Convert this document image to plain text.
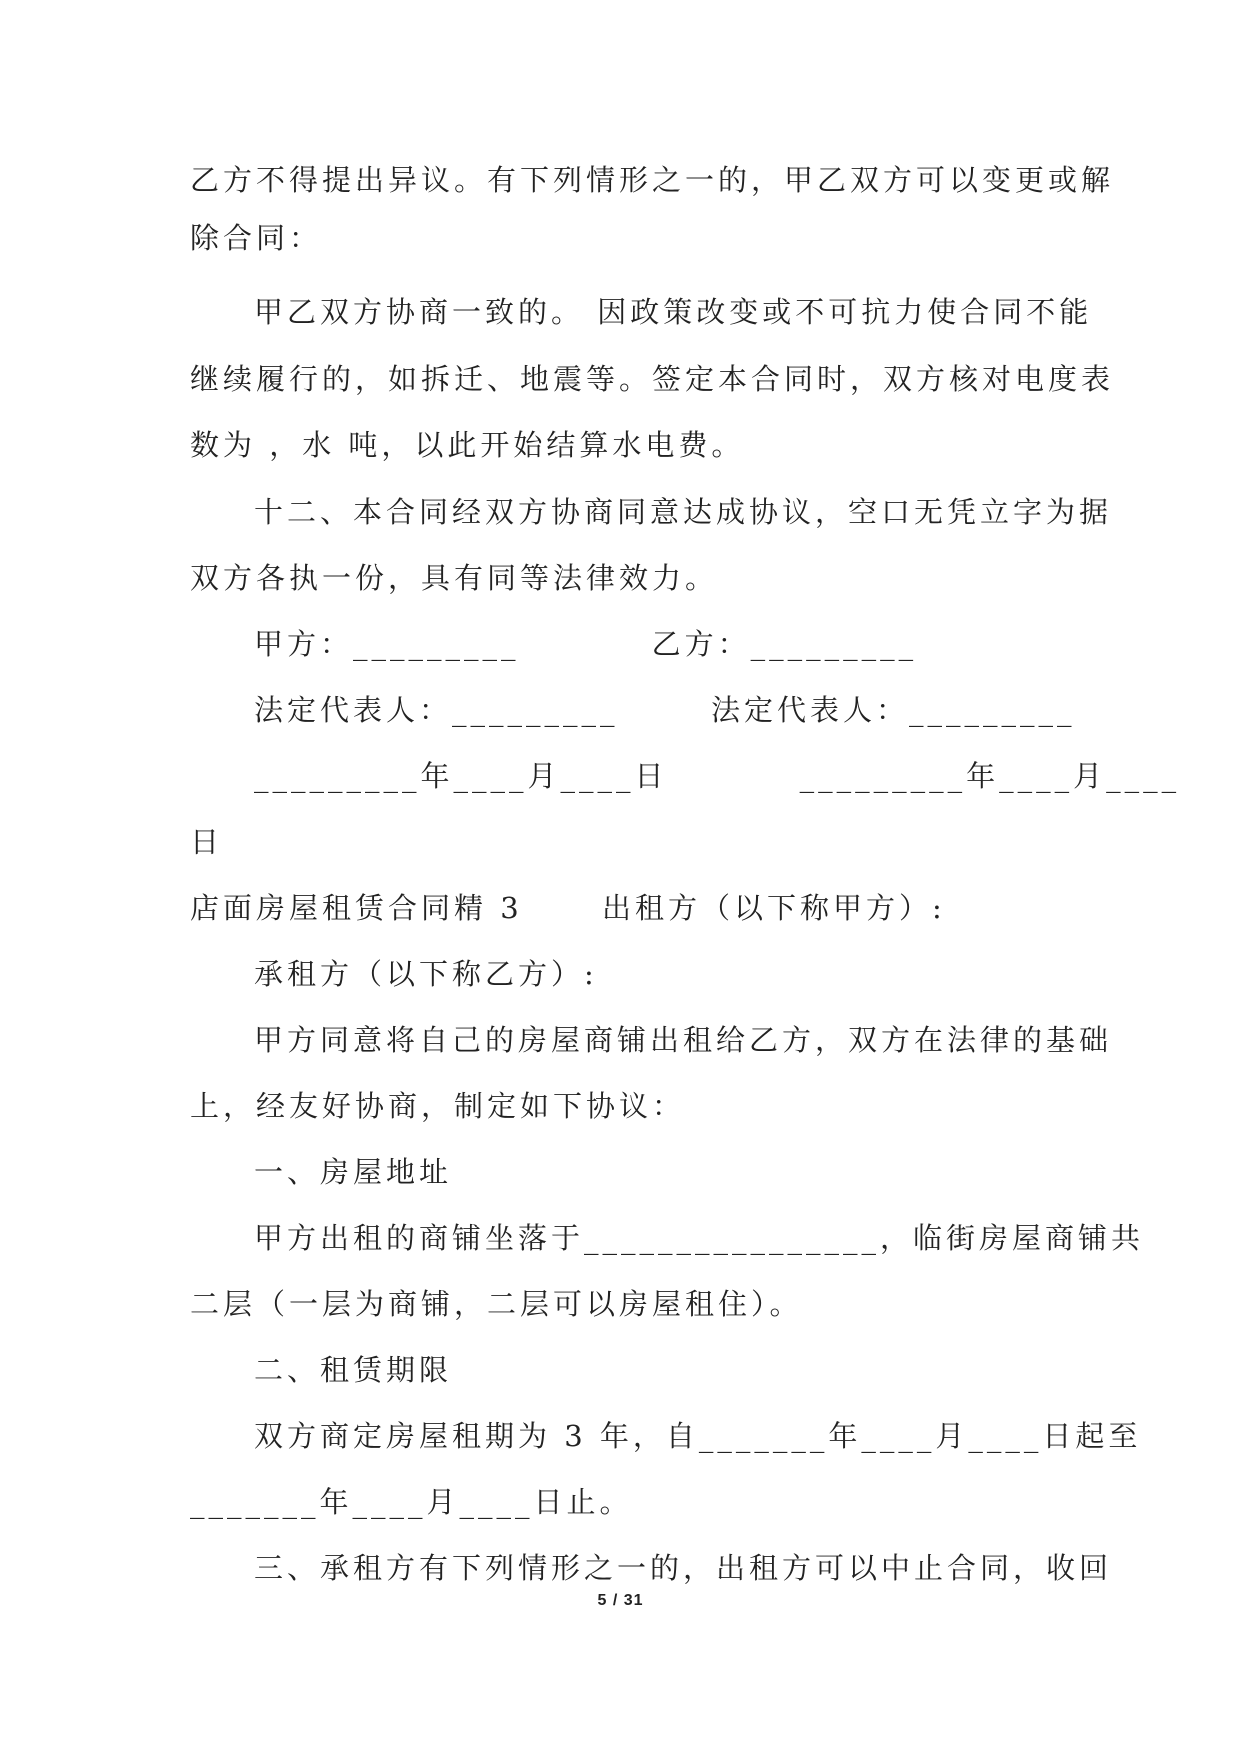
乙方不得提出异议。有下列情形之一的，甲乙双方可以变更或解
除合同：
甲乙双方协商一致的。 因政策改变或不可抗力使合同不能
继续履行的，如拆迁、地震等。签定本合同时，双方核对电度表
数为 ，水 吨，以此开始结算水电费。
十二、本合同经双方协商同意达成协议，空口无凭立字为据
双方各执一份，具有同等法律效力。
甲方：_________          乙方：_________
法定代表人：_________       法定代表人：_________
_________年____月____日          _________年____月____
日
店面房屋租赁合同精 3      出租方（以下称甲方）:
承租方（以下称乙方）:
甲方同意将自己的房屋商铺出租给乙方，双方在法律的基础
上，经友好协商，制定如下协议：
一、房屋地址
甲方出租的商铺坐落于________________，临街房屋商铺共
二层（一层为商铺，二层可以房屋租住）。
二、租赁期限
双方商定房屋租期为 3 年，自_______年____月____日起至
_______年____月____日止。
三、承租方有下列情形之一的，出租方可以中止合同，收回
5 / 31
